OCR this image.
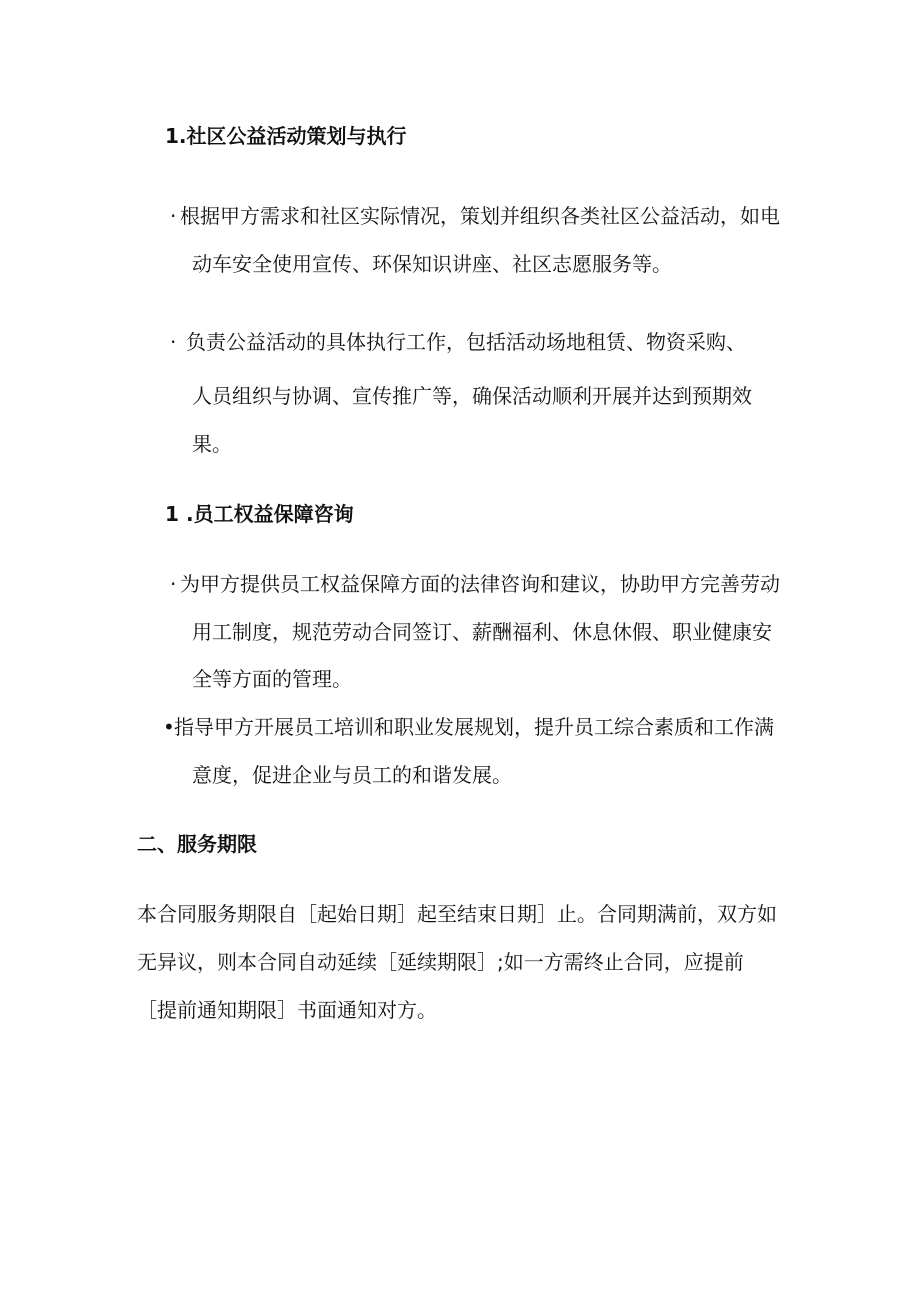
1.社区公益活动策划与执行
· 根据甲方需求和社区实际情况，策划并组织各类社区公益活动，如电
动车安全使用宣传、环保知识讲座、社区志愿服务等。
· 负责公益活动的具体执行工作，包括活动场地租赁、物资采购、
人员组织与协调、宣传推广等，确保活动顺利开展并达到预期效
果。
1 .员工权益保障咨询
· 为甲方提供员工权益保障方面的法律咨询和建议，协助甲方完善劳动
用工制度，规范劳动合同签订、薪酬福利、休息休假、职业健康安
全等方面的管理。
• 指导甲方开展员工培训和职业发展规划，提升员工综合素质和工作满
意度，促进企业与员工的和谐发展。
二、服务期限
本合同服务期限自［起始日期］起至结束日期］止。合同期满前，双方如
无异议，则本合同自动延续［延续期限］;如一方需终止合同，应提前
［提前通知期限］书面通知对方。
